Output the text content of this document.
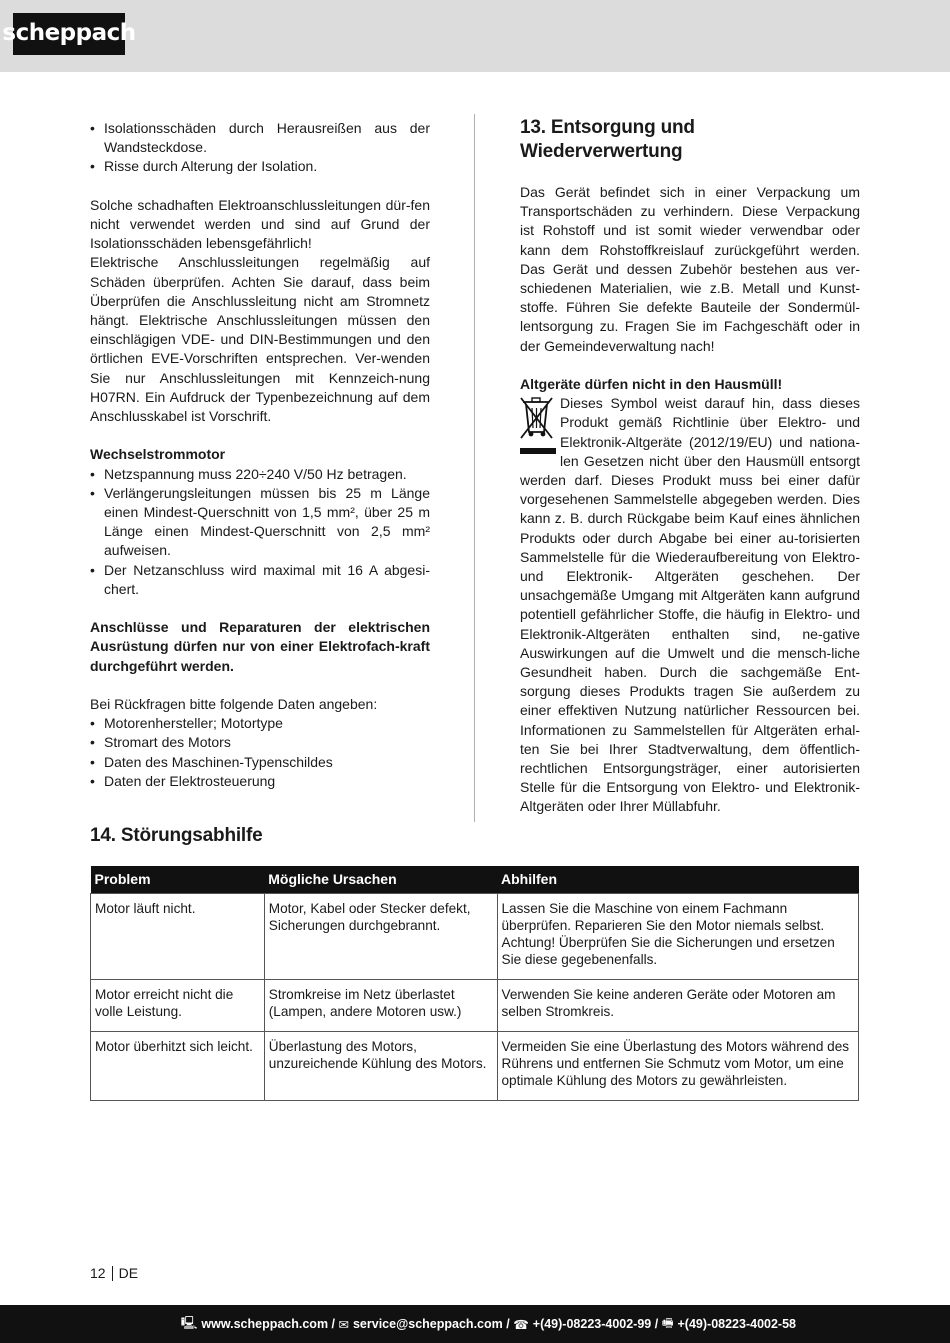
scheppach
• Isolationsschäden durch Herausreißen aus der Wandsteckdose.
• Risse durch Alterung der Isolation.

Solche schadhaften Elektroanschlussleitungen dür-fen nicht verwendet werden und sind auf Grund der Isolationsschäden lebensgefährlich!

Elektrische Anschlussleitungen regelmäßig auf Schäden überprüfen. Achten Sie darauf, dass beim Überprüfen die Anschlussleitung nicht am Stromnetz hängt. Elektrische Anschlussleitungen müssen den einschlägigen VDE- und DIN-Bestimmungen und den örtlichen EVE-Vorschriften entsprechen. Ver-wenden Sie nur Anschlussleitungen mit Kennzeich-nung H07RN. Ein Aufdruck der Typenbezeichnung auf dem Anschlusskabel ist Vorschrift.

Wechselstrommotor

• Netzspannung muss 220÷240 V/50 Hz betragen.
• Verlängerungsleitungen müssen bis 25 m Länge einen Mindest-Querschnitt von 1,5 mm², über 25 m Länge einen Mindest-Querschnitt von 2,5 mm² aufweisen.
• Der Netzanschluss wird maximal mit 16 A abgesi-chert.

Anschlüsse und Reparaturen der elektrischen Ausrüstung dürfen nur von einer Elektrofach-kraft durchgeführt werden.

Bei Rückfragen bitte folgende Daten angeben:

• Motorenhersteller; Motortype
• Stromart des Motors
• Daten des Maschinen-Typenschildes
• Daten der Elektrosteuerung
13. Entsorgung und Wiederverwertung

Das Gerät befindet sich in einer Verpackung um Transportschäden zu verhindern. Diese Verpackung ist Rohstoff und ist somit wieder verwendbar oder kann dem Rohstoffkreislauf zurückgeführt werden. Das Gerät und dessen Zubehör bestehen aus ver-schiedenen Materialien, wie z.B. Metall und Kunst-stoffe. Führen Sie defekte Bauteile der Sondermül-lentsorgung zu. Fragen Sie im Fachgeschäft oder in der Gemeindeverwaltung nach!

Altgeräte dürfen nicht in den Hausmüll!

Dieses Symbol weist darauf hin, dass dieses
Produkt gemäß Richtlinie über Elektro- und
Elektronik-Altgeräte (2012/19/EU) und nationa-
len Gesetzen nicht über den Hausmüll entsorgt

werden darf. Dieses Produkt muss bei einer dafür vorgesehenen Sammelstelle abgegeben werden. Dies kann z. B. durch Rückgabe beim Kauf eines ähnlichen Produkts oder durch Abgabe bei einer au-torisierten Sammelstelle für die Wiederaufbereitung von Elektro- und Elektronik- Altgeräten geschehen. Der unsachgemäße Umgang mit Altgeräten kann aufgrund potentiell gefährlicher Stoffe, die häufig in Elektro- und Elektronik-Altgeräten enthalten sind, ne-gative Auswirkungen auf die Umwelt und die mensch-liche Gesundheit haben. Durch die sachgemäße Ent-sorgung dieses Produkts tragen Sie außerdem zu einer effektiven Nutzung natürlicher Ressourcen bei. Informationen zu Sammelstellen für Altgeräten erhal-ten Sie bei Ihrer Stadtverwaltung, dem öffentlich-rechtlichen Entsorgungsträger, einer autorisierten Stelle für die Entsorgung von Elektro- und Elektronik-Altgeräten oder Ihrer Müllabfuhr.

14. Störungsabhilfe
Problem	Mögliche Ursachen	Abhilfen
Motor läuft nicht.	Motor, Kabel oder Stecker defekt, Sicherungen durchgebrannt.	Lassen Sie die Maschine von einem Fachmann überprüfen. Reparieren Sie den Motor niemals selbst. Achtung! Überprüfen Sie die Sicherungen und ersetzen Sie diese gegebenenfalls.
Motor erreicht nicht die volle Leistung.	Stromkreise im Netz überlastet (Lampen, andere Motoren usw.)	Verwenden Sie keine anderen Geräte oder Motoren am selben Stromkreis.
Motor überhitzt sich leicht.	Überlastung des Motors, unzureichende Kühlung des Motors.	Vermeiden Sie eine Überlastung des Motors während des Rührens und entfernen Sie Schmutz vom Motor, um eine optimale Kühlung des Motors zu gewährleisten.
12 DE
🖳 www.scheppach.com /
✉ service@scheppach.com /
☎ +(49)-08223-4002-99 /
🖷 +(49)-08223-4002-58
